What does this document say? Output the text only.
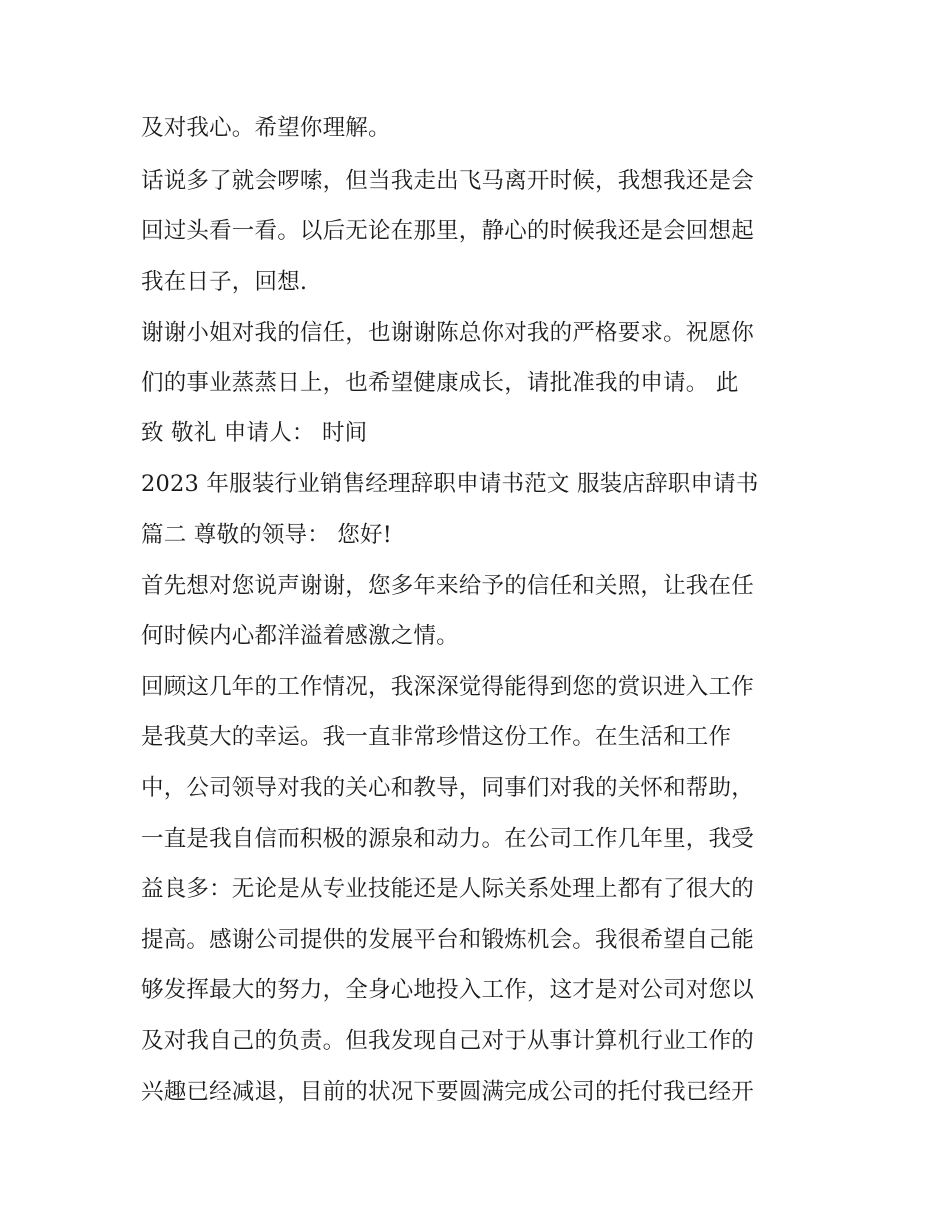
及对我心。希望你理解。
话说多了就会啰嗦，但当我走出飞马离开时候，我想我还是会
回过头看一看。以后无论在那里，静心的时候我还是会回想起
我在日子，回想.
谢谢小姐对我的信任，也谢谢陈总你对我的严格要求。祝愿你
们的事业蒸蒸日上，也希望健康成长，请批准我的申请。 此
致 敬礼 申请人： 时间
2023 年服装行业销售经理辞职申请书范文 服装店辞职申请书
篇二 尊敬的领导： 您好!
首先想对您说声谢谢，您多年来给予的信任和关照，让我在任
何时候内心都洋溢着感激之情。
回顾这几年的工作情况，我深深觉得能得到您的赏识进入工作
是我莫大的幸运。我一直非常珍惜这份工作。在生活和工作
中，公司领导对我的关心和教导，同事们对我的关怀和帮助，
一直是我自信而积极的源泉和动力。在公司工作几年里，我受
益良多：无论是从专业技能还是人际关系处理上都有了很大的
提高。感谢公司提供的发展平台和锻炼机会。我很希望自己能
够发挥最大的努力，全身心地投入工作，这才是对公司对您以
及对我自己的负责。但我发现自己对于从事计算机行业工作的
兴趣已经减退，目前的状况下要圆满完成公司的托付我已经开
